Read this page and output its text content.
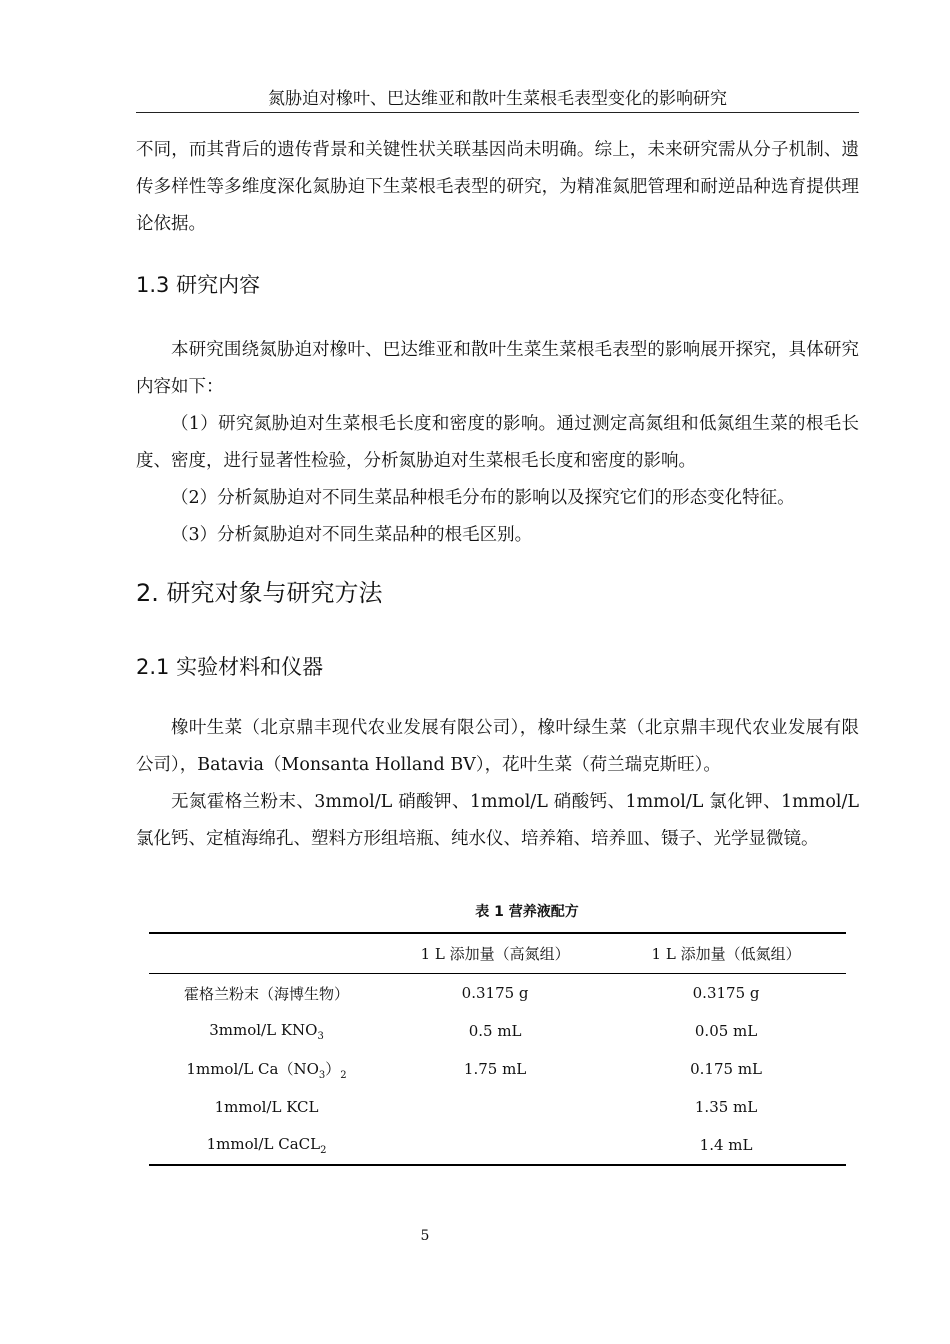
氮胁迫对橡叶、巴达维亚和散叶生菜根毛表型变化的影响研究

不同，而其背后的遗传背景和关键性状关联基因尚未明确。综上，未来研究需从分子机制、遗传多样性等多维度深化氮胁迫下生菜根毛表型的研究，为精准氮肥管理和耐逆品种选育提供理论依据。

1.3 研究内容

本研究围绕氮胁迫对橡叶、巴达维亚和散叶生菜生菜根毛表型的影响展开探究，具体研究内容如下：

（1）研究氮胁迫对生菜根毛长度和密度的影响。通过测定高氮组和低氮组生菜的根毛长度、密度，进行显著性检验，分析氮胁迫对生菜根毛长度和密度的影响。

（2）分析氮胁迫对不同生菜品种根毛分布的影响以及探究它们的形态变化特征。

（3）分析氮胁迫对不同生菜品种的根毛区别。

2. 研究对象与研究方法
2.1 实验材料和仪器

橡叶生菜（北京鼎丰现代农业发展有限公司），橡叶绿生菜（北京鼎丰现代农业发展有限公司），Batavia（Monsanta Holland BV），花叶生菜（荷兰瑞克斯旺）。

无氮霍格兰粉末、3mmol/L 硝酸钾、1mmol/L 硝酸钙、1mmol/L 氯化钾、1mmol/L 氯化钙、定植海绵孔、塑料方形组培瓶、纯水仪、培养箱、培养皿、镊子、光学显微镜。

表 1 营养液配方
	1 L 添加量（高氮组）	1 L 添加量（低氮组）
霍格兰粉末（海博生物）	0.3175 g	0.3175 g
3mmol/L $KNO_3$	0.5 mL	0.05 mL
1mmol/L $Ca(NO_3)_2$	1.75 mL	0.175 mL
1mmol/L KCL		1.35 mL
1mmol/L CaCL$_2$		1.4 mL
5
